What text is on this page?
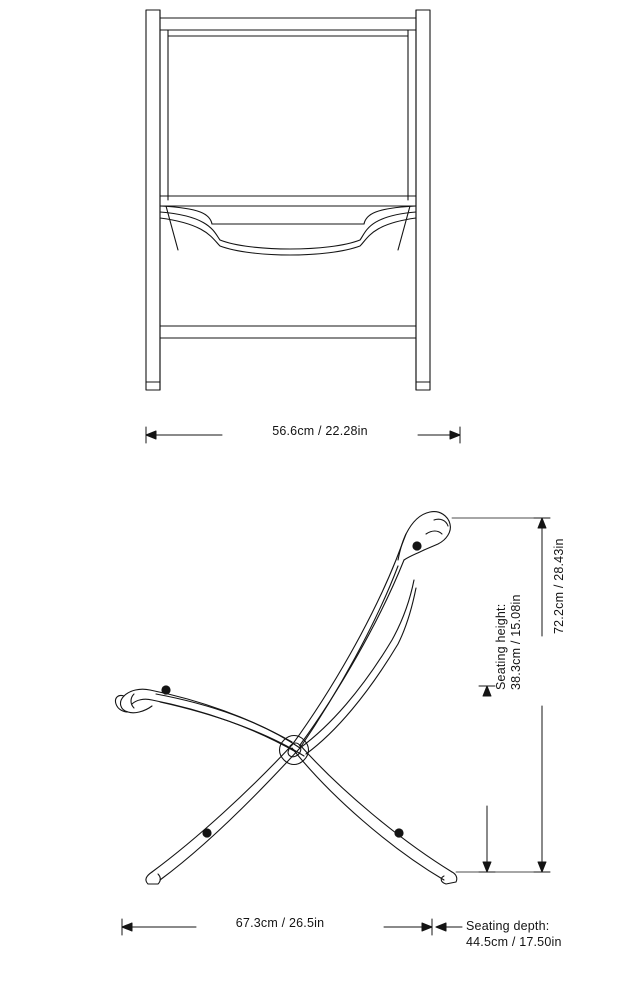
56.6cm / 22.28in
67.3cm / 26.5in	Seating depth:
44.5cm / 17.50in
72.2cm / 28.43in
Seating height: 38.3cm / 15.08in
